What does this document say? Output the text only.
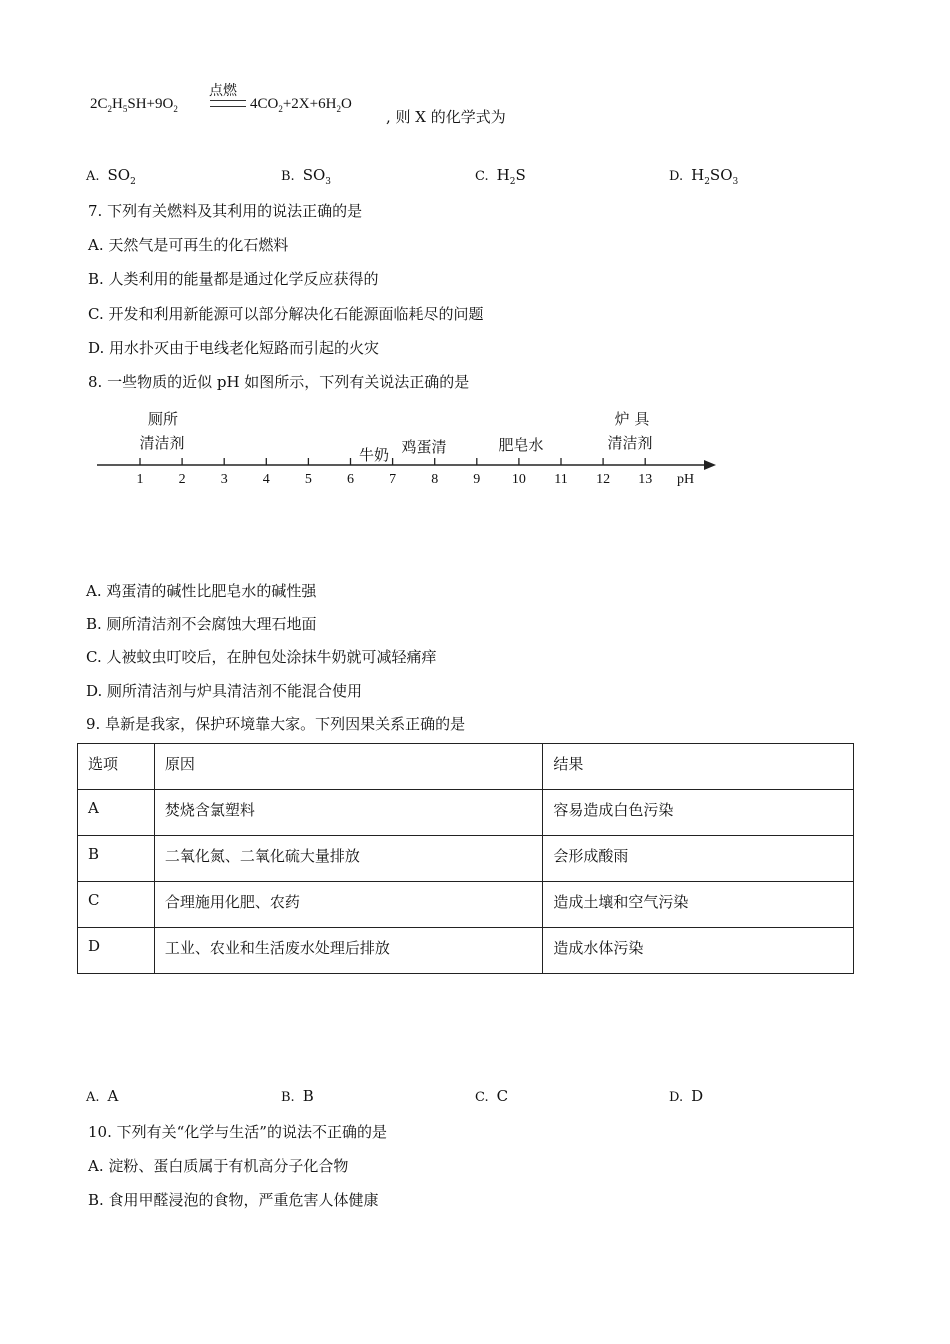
$2C_2H_5SH+9O_2$
点燃
$4CO_2+2X+6H_2O$
, 则 X 的化学式为
A. $SO_2$	B. $SO_3$	C. $H_2S$	D. $H_2SO_3$
7. 下列有关燃料及其利用的说法正确的是
A. 天然气是可再生的化石燃料
B. 人类利用的能量都是通过化学反应获得的
C. 开发和利用新能源可以部分解决化石能源面临耗尽的问题
D. 用水扑灭由于电线老化短路而引起的火灾
8. 一些物质的近似 pH 如图所示，下列有关说法正确的是
厕所
清洁剂
牛奶 鸡蛋清	肥皂水
炉 具
清洁剂
1	2	3	4	5	6	7	8	9	10	11	12	13	pH
A. 鸡蛋清的碱性比肥皂水的碱性强
B. 厕所清洁剂不会腐蚀大理石地面
C. 人被蚊虫叮咬后，在肿包处涂抹牛奶就可减轻痛痒
D. 厕所清洁剂与炉具清洁剂不能混合使用
9. 阜新是我家，保护环境靠大家。下列因果关系正确的是
选项	原因	结果
A	焚烧含氯塑料	容易造成白色污染
B	二氧化氮、二氧化硫大量排放	会形成酸雨
C	合理施用化肥、农药	造成土壤和空气污染
D	工业、农业和生活废水处理后排放	造成水体污染
A. A	B. B	C. C	D. D
10. 下列有关“化学与生活”的说法不正确的是
A. 淀粉、蛋白质属于有机高分子化合物
B. 食用甲醛浸泡的食物，严重危害人体健康
